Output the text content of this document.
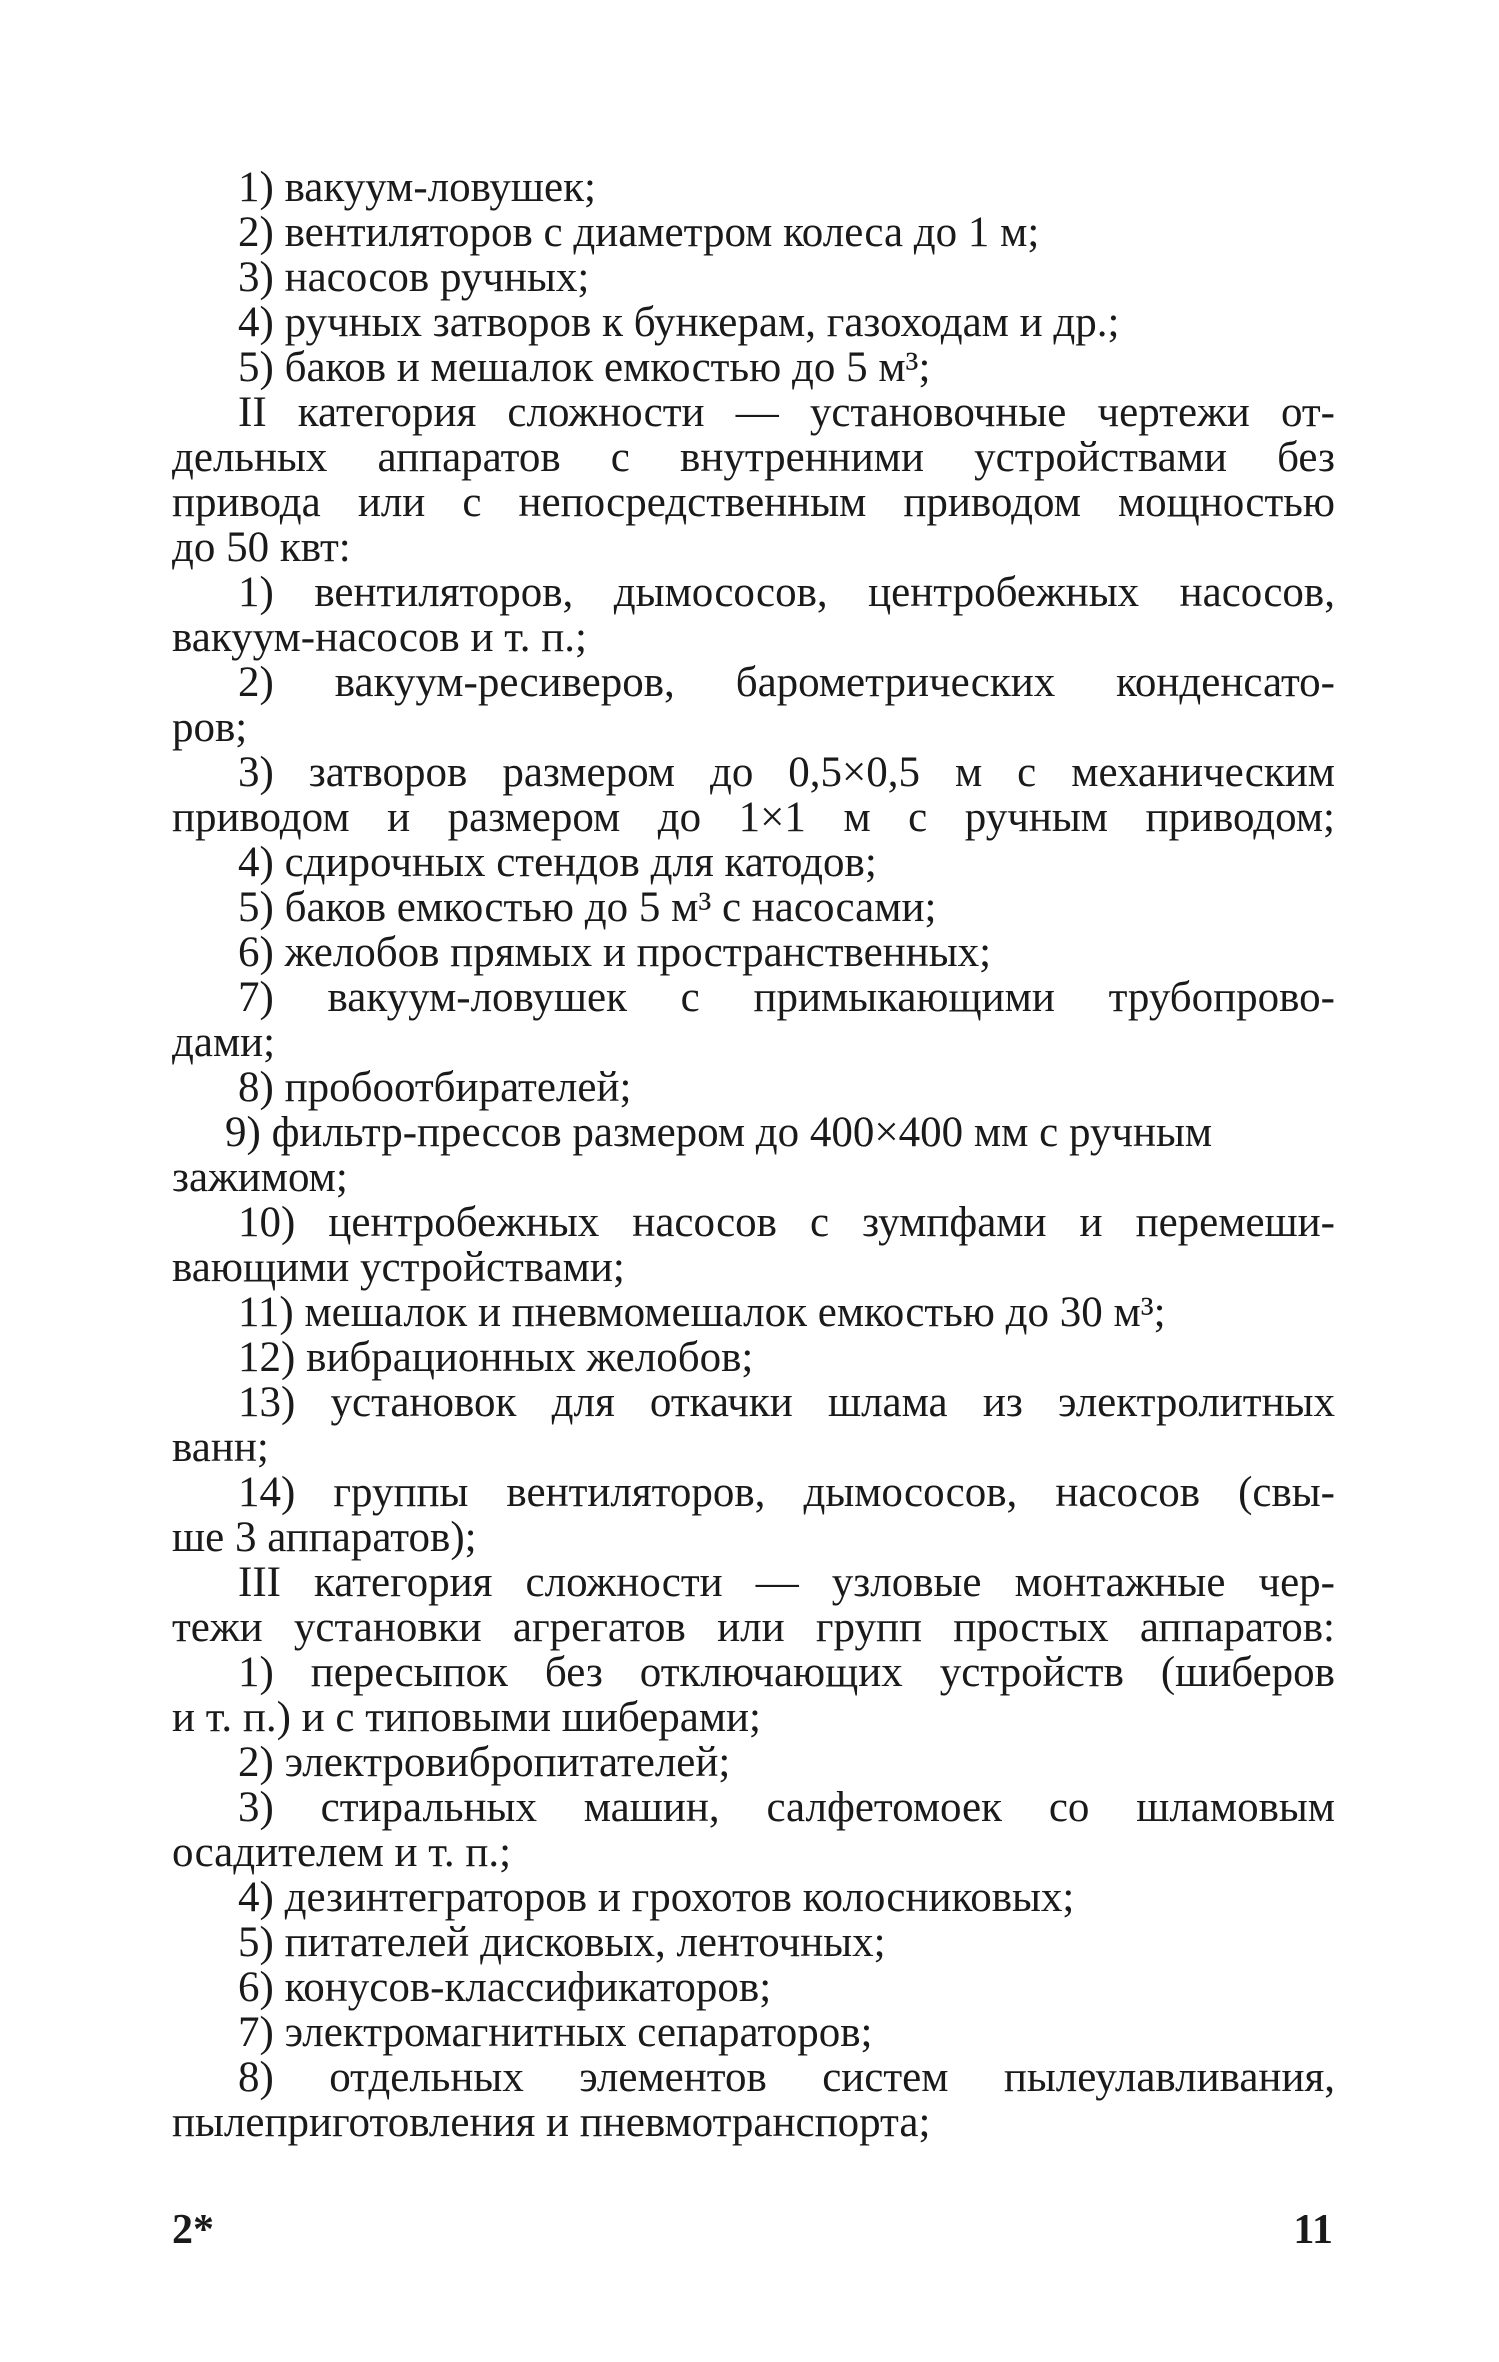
1) вакуум-ловушек;
2) вентиляторов с диаметром колеса до 1 м;
3) насосов ручных;
4) ручных затворов к бункерам, газоходам и др.;
5) баков и мешалок емкостью до 5 м³;
II категория сложности — установочные чертежи от-
дельных аппаратов с внутренними устройствами без
привода или с непосредственным приводом мощностью
до 50 квт:
1) вентиляторов, дымососов, центробежных насосов,
вакуум-насосов и т. п.;
2) вакуум-ресиверов, барометрических конденсато-
ров;
3) затворов размером до 0,5×0,5 м с механическим
приводом и размером до 1×1 м с ручным приводом;
4) сдирочных стендов для катодов;
5) баков емкостью до 5 м³ с насосами;
6) желобов прямых и пространственных;
7) вакуум-ловушек с примыкающими трубопрово-
дами;
8) пробоотбирателей;
9) фильтр-прессов размером до 400×400 мм с ручным
зажимом;
10) центробежных насосов с зумпфами и перемеши-
вающими устройствами;
11) мешалок и пневмомешалок емкостью до 30 м³;
12) вибрационных желобов;
13) установок для откачки шлама из электролитных
ванн;
14) группы вентиляторов, дымососов, насосов (свы-
ше 3 аппаратов);
III категория сложности — узловые монтажные чер-
тежи установки агрегатов или групп простых аппаратов:
1) пересыпок без отключающих устройств (шиберов
и т. п.) и с типовыми шиберами;
2) электровибропитателей;
3) стиральных машин, салфетомоек со шламовым
осадителем и т. п.;
4) дезинтеграторов и грохотов колосниковых;
5) питателей дисковых, ленточных;
6) конусов-классификаторов;
7) электромагнитных сепараторов;
8) отдельных элементов систем пылеулавливания,
пылеприготовления и пневмотранспорта;
2*	11
